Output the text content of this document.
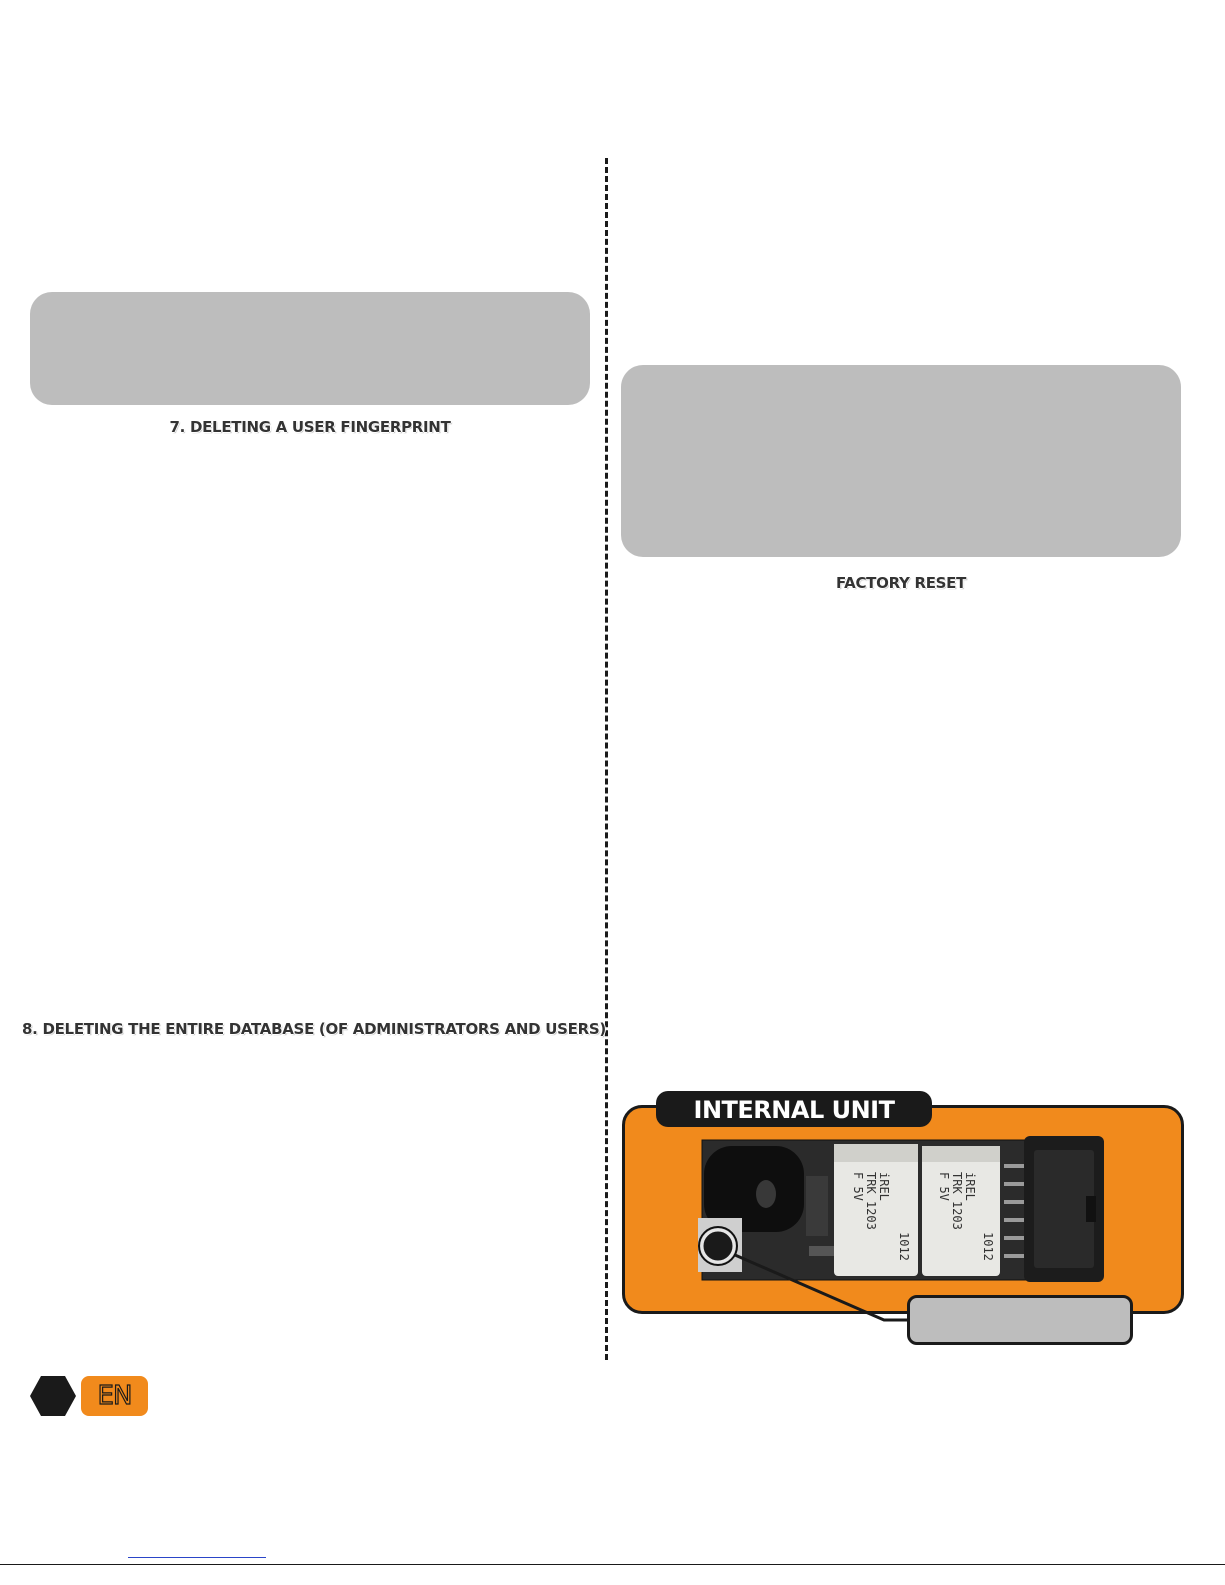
7. DELETING A USER FINGERPRINT
8. DELETING THE ENTIRE DATABASE (OF ADMINISTRATORS AND USERS)
FACTORY RESET
INTERNAL UNIT
iREL TRK 1203 F 5V
1012
iREL TRK 1203 F 5V
1012
EN
